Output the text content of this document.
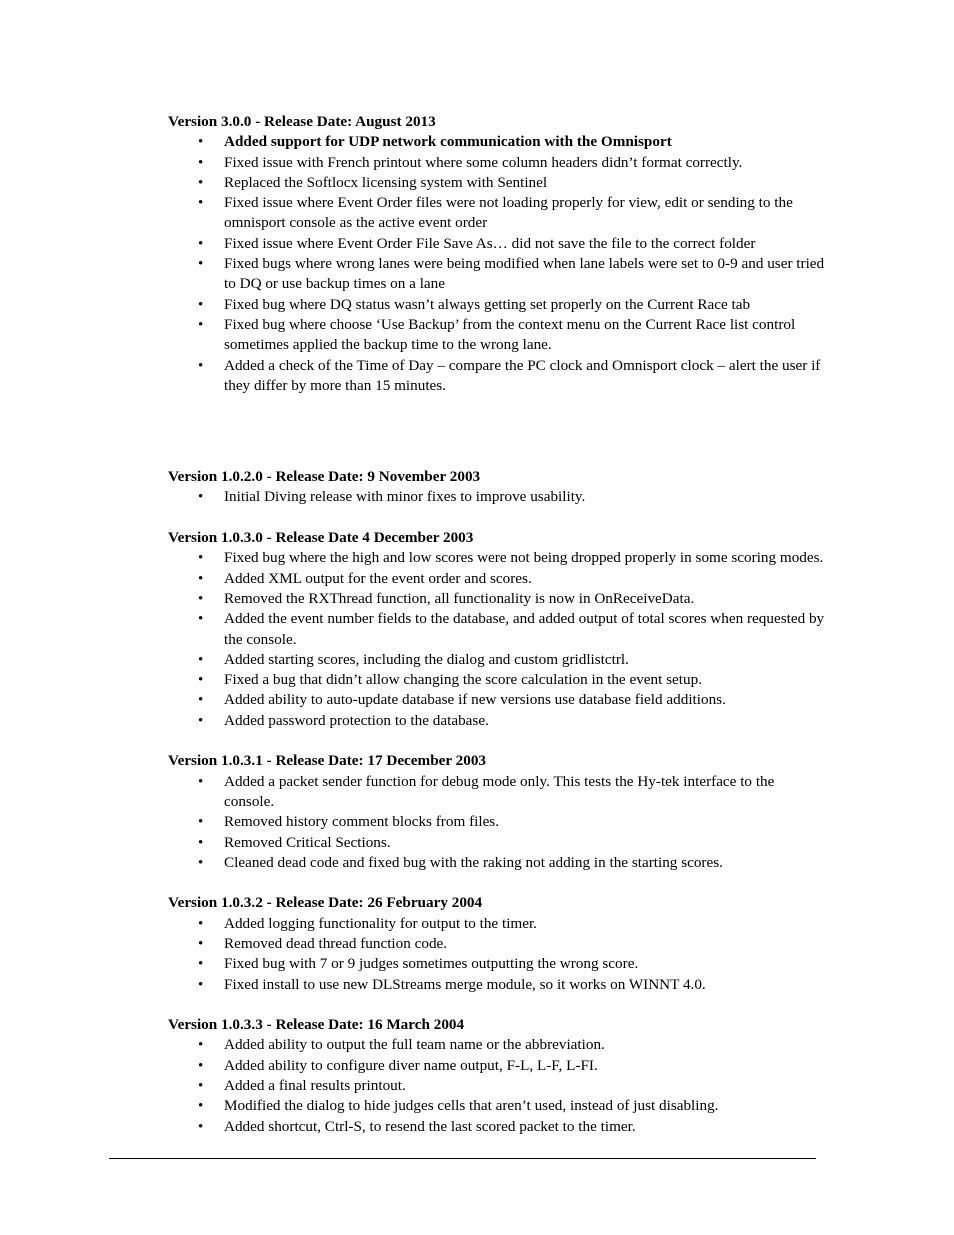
Version 3.0.0 - Release Date: August 2013

• Added support for UDP network communication with the Omnisport
• Fixed issue with French printout where some column headers didn’t format correctly.
• Replaced the Softlocx licensing system with Sentinel
• Fixed issue where Event Order files were not loading properly for view, edit or sending to the omnisport console as the active event order
• Fixed issue where Event Order File Save As… did not save the file to the correct folder
• Fixed bugs where wrong lanes were being modified when lane labels were set to 0-9 and user tried to DQ or use backup times on a lane
• Fixed bug where DQ status wasn’t always getting set properly on the Current Race tab
• Fixed bug where choose ‘Use Backup’ from the context menu on the Current Race list control sometimes applied the backup time to the wrong lane.
• Added a check of the Time of Day – compare the PC clock and Omnisport clock – alert the user if they differ by more than 15 minutes.

Version 1.0.2.0 - Release Date: 9 November 2003

• Initial Diving release with minor fixes to improve usability.

Version 1.0.3.0 - Release Date 4 December 2003

• Fixed bug where the high and low scores were not being dropped properly in some scoring modes.
• Added XML output for the event order and scores.
• Removed the RXThread function, all functionality is now in OnReceiveData.
• Added the event number fields to the database, and added output of total scores when requested by the console.
• Added starting scores, including the dialog and custom gridlistctrl.
• Fixed a bug that didn’t allow changing the score calculation in the event setup.
• Added ability to auto-update database if new versions use database field additions.
• Added password protection to the database.

Version 1.0.3.1 - Release Date: 17 December 2003

• Added a packet sender function for debug mode only. This tests the Hy-tek interface to the console.
• Removed history comment blocks from files.
• Removed Critical Sections.
• Cleaned dead code and fixed bug with the raking not adding in the starting scores.

Version 1.0.3.2 - Release Date: 26 February 2004

• Added logging functionality for output to the timer.
• Removed dead thread function code.
• Fixed bug with 7 or 9 judges sometimes outputting the wrong score.
• Fixed install to use new DLStreams merge module, so it works on WINNT 4.0.

Version 1.0.3.3 - Release Date: 16 March 2004

• Added ability to output the full team name or the abbreviation.
• Added ability to configure diver name output, F-L, L-F, L-FI.
• Added a final results printout.
• Modified the dialog to hide judges cells that aren’t used, instead of just disabling.
• Added shortcut, Ctrl-S, to resend the last scored packet to the timer.
